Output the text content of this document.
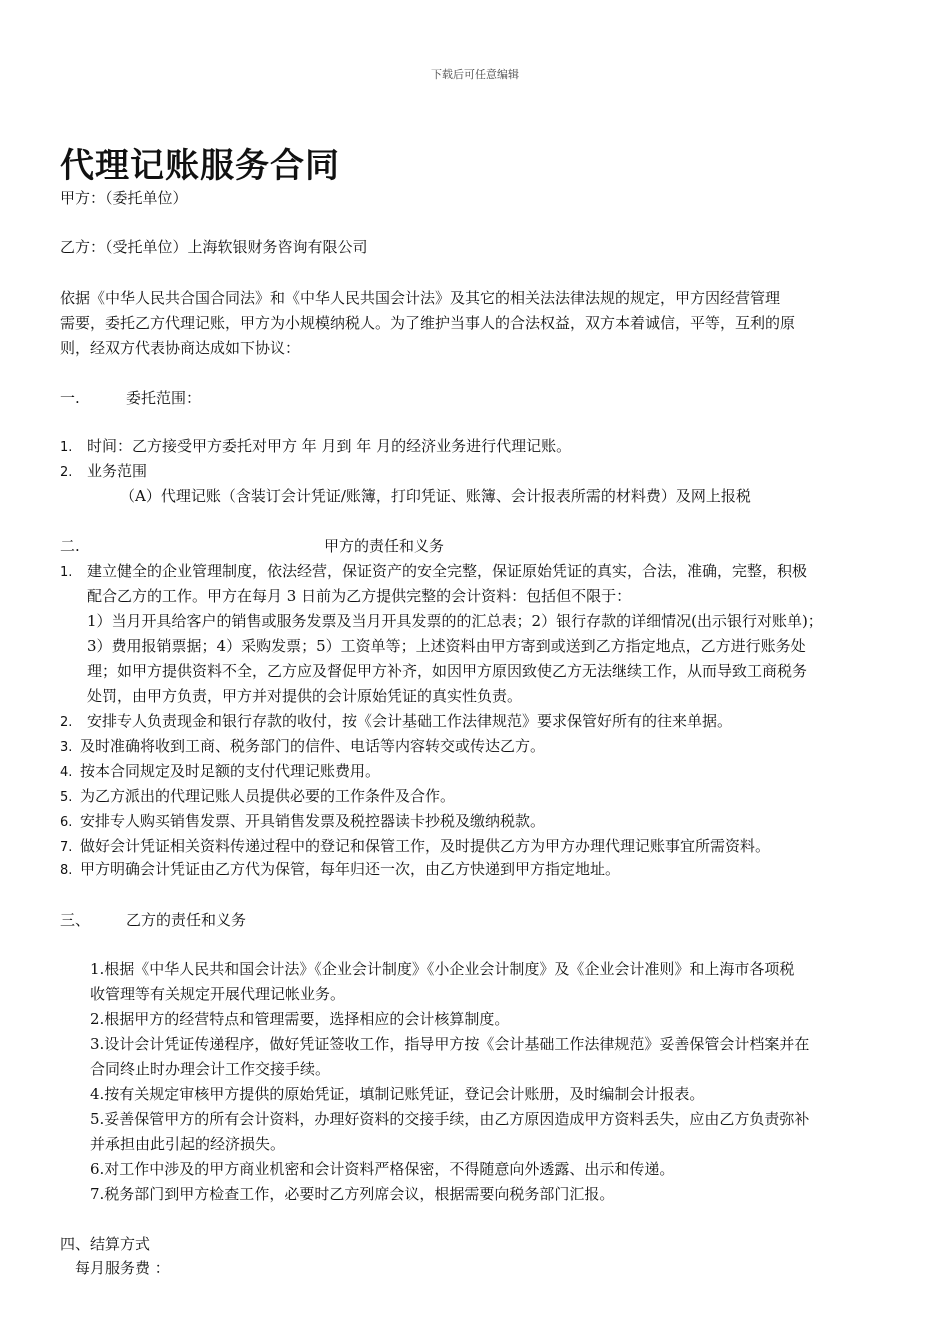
下载后可任意编辑
代理记账服务合同
甲方：（委托单位）
乙方：（受托单位）上海软银财务咨询有限公司
依据《中华人民共合国合同法》和《中华人民共国会计法》及其它的相关法法律法规的规定，甲方因经营管理
需要，委托乙方代理记账，甲方为小规模纳税人。为了维护当事人的合法权益，双方本着诚信，平等，互利的原
则，经双方代表协商达成如下协议：
一.	委托范围：
1. 时间：乙方接受甲方委托对甲方 年 月到 年 月的经济业务进行代理记账。
2. 业务范围
（A）代理记账（含装订会计凭证/账簿，打印凭证、账簿、会计报表所需的材料费）及网上报税
二.	甲方的责任和义务
1. 建立健全的企业管理制度，依法经营，保证资产的安全完整，保证原始凭证的真实，合法，准确，完整，积极
配合乙方的工作。甲方在每月 3 日前为乙方提供完整的会计资料：包括但不限于：
1）当月开具给客户的销售或服务发票及当月开具发票的的汇总表；2）银行存款的详细情况(出示银行对账单)；
3）费用报销票据；4）采购发票；5）工资单等；上述资料由甲方寄到或送到乙方指定地点，乙方进行账务处
理；如甲方提供资料不全，乙方应及督促甲方补齐，如因甲方原因致使乙方无法继续工作，从而导致工商税务
处罚，由甲方负责，甲方并对提供的会计原始凭证的真实性负责。
2. 安排专人负责现金和银行存款的收付，按《会计基础工作法律规范》要求保管好所有的往来单据。
3. 及时准确将收到工商、税务部门的信件、电话等内容转交或传达乙方。
4. 按本合同规定及时足额的支付代理记账费用。
5. 为乙方派出的代理记账人员提供必要的工作条件及合作。
6. 安排专人购买销售发票、开具销售发票及税控器读卡抄税及缴纳税款。
7. 做好会计凭证相关资料传递过程中的登记和保管工作，及时提供乙方为甲方办理代理记账事宜所需资料。
8. 甲方明确会计凭证由乙方代为保管，每年归还一次，由乙方快递到甲方指定地址。
三、 乙方的责任和义务
1.根据《中华人民共和国会计法》《企业会计制度》《小企业会计制度》及《企业会计准则》和上海市各项税
收管理等有关规定开展代理记帐业务。
2.根据甲方的经营特点和管理需要，选择相应的会计核算制度。
3.设计会计凭证传递程序，做好凭证签收工作，指导甲方按《会计基础工作法律规范》妥善保管会计档案并在
合同终止时办理会计工作交接手续。
4.按有关规定审核甲方提供的原始凭证，填制记账凭证，登记会计账册，及时编制会计报表。
5.妥善保管甲方的所有会计资料，办理好资料的交接手续，由乙方原因造成甲方资料丢失，应由乙方负责弥补
并承担由此引起的经济损失。
6.对工作中涉及的甲方商业机密和会计资料严格保密，不得随意向外透露、出示和传递。
7.税务部门到甲方检查工作，必要时乙方列席会议，根据需要向税务部门汇报。
四、结算方式
每月服务费 ：
